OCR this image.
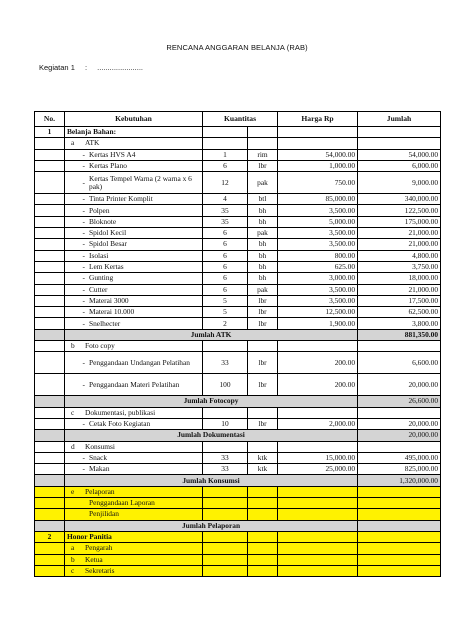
RENCANA ANGGARAN BELANJA (RAB)
Kegiatan 1 : ......................
No.	Kebutuhan	Kuantitas		Harga Rp	Jumlah
1	Belanja Bahan:				
	a ATK				

	- Kertas HVS A4	1	rim	54,000.00	54,000.00

	- Kertas Plano	6	lbr	1,000.00	6,000.00

	- Kertas Tempel Warna (2 warna x 6 pak)	12	pak	750.00	9,000.00

	- Tinta Printer Komplit	4	btl	85,000.00	340,000.00

	- Polpen	35	bh	3,500.00	122,500.00

	- Bloknote	35	bh	5,000.00	175,000.00

	- Spidol Kecil	6	pak	3,500.00	21,000.00

	- Spidol Besar	6	bh	3,500.00	21,000.00

	- Isolasi	6	bh	800.00	4,800.00

	- Lem Kertas	6	bh	625.00	3,750.00

	- Gunting	6	bh	3,000.00	18,000.00

	- Cutter	6	pak	3,500.00	21,000.00

	- Materai 3000	5	lbr	3,500.00	17,500.00

	- Materai 10.000	5	lbr	12,500.00	62,500.00

	- Snelhecter	2	lbr	1,900.00	3,800.00
	Jumlah ATK				881,350.00
	b Foto copy				

	- Penggandaan Undangan Pelatihan	33	lbr	200.00	6,600.00

	- Penggandaan Materi Pelatihan	100	lbr	200.00	20,000.00
	Jumlah Fotocopy				26,600.00
	c Dokumentasi, publikasi				

	- Cetak Foto Kegiatan	10	lbr	2,000.00	20,000.00
	Jumlah Dokumentasi				20,000.00
	d Konsumsi				

	- Snack	33	ktk	15,000.00	495,000.00

	- Makan	33	ktk	25,000.00	825,000.00
	Jumlah Konsumsi				1,320,000.00
	e Pelaporan				
	Penggandaan Laporan				
	Penjilidan				
	Jumlah Pelaporan				
2	Honor Panitia				
	a Pengarah				
	b Ketua				
	c Sekretaris				
